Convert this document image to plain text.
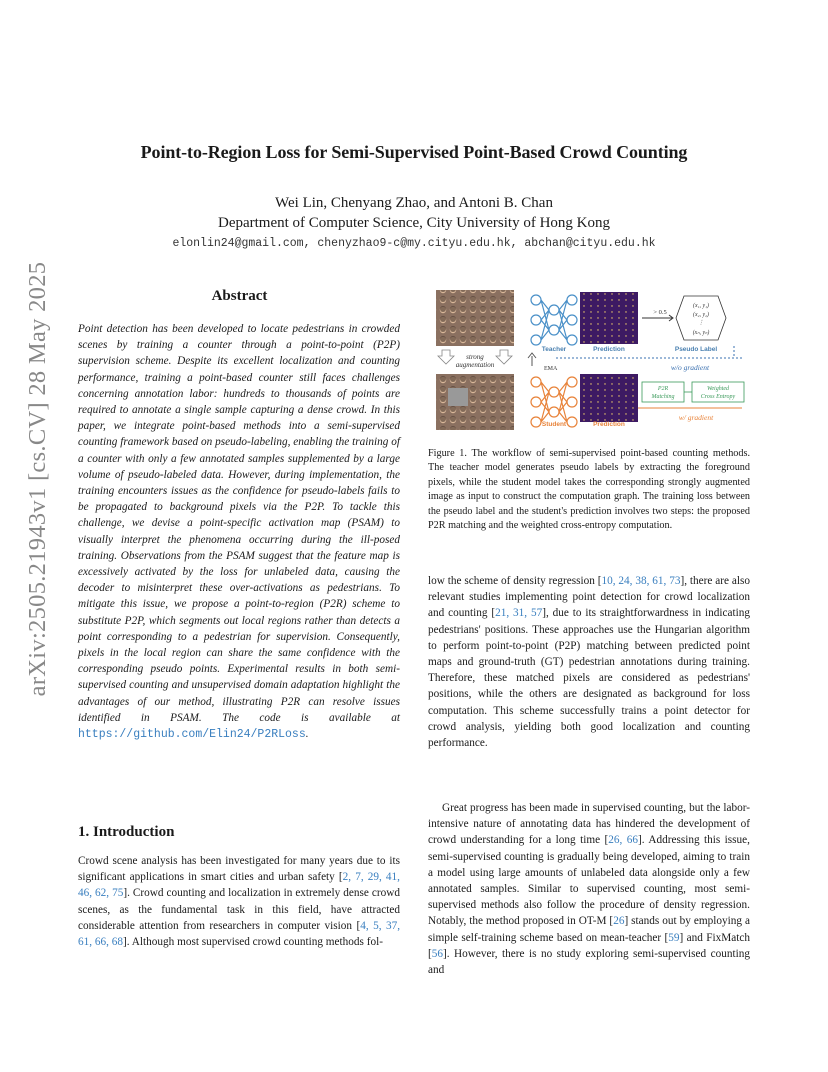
Point-to-Region Loss for Semi-Supervised Point-Based Crowd Counting
Wei Lin, Chenyang Zhao, and Antoni B. Chan
Department of Computer Science, City University of Hong Kong
elonlin24@gmail.com, chenyzhao9-c@my.cityu.edu.hk, abchan@cityu.edu.hk
arXiv:2505.21943v1 [cs.CV] 28 May 2025	Abstract
Point detection has been developed to locate pedestrians in crowded scenes by training a counter through a point-to-point (P2P) supervision scheme. Despite its excellent localization and counting performance, training a point-based counter still faces challenges concerning annotation labor: hundreds to thousands of points are required to annotate a single sample capturing a dense crowd. In this paper, we integrate point-based methods into a semi-supervised counting framework based on pseudo-labeling, enabling the training of a counter with only a few annotated samples supplemented by a large volume of pseudo-labeled data. However, during implementation, the training encounters issues as the confidence for pseudo-labels fails to be propagated to background pixels via the P2P. To tackle this challenge, we devise a point-specific activation map (PSAM) to visually interpret the phenomena occurring during the ill-posed training. Observations from the PSAM suggest that the feature map is excessively activated by the loss for unlabeled data, causing the decoder to misinterpret these over-activations as pedestrians. To mitigate this issue, we propose a point-to-region (P2R) scheme to substitute P2P, which segments out local regions rather than detects a point corresponding to a pedestrian for supervision. Consequently, pixels in the local region can share the same confidence with the corresponding pseudo points. Experimental results in both semi-supervised counting and unsupervised domain adaptation highlight the advantages of our method, illustrating P2R can resolve issues identified in PSAM. The code is available at https://github.com/Elin24/P2RLoss.
1. Introduction
Crowd scene analysis has been investigated for many years due to its significant applications in smart cities and urban safety [2, 7, 29, 41, 46, 62, 75]. Crowd counting and localization in extremely dense crowd scenes, as the fundamental task in this field, have attracted considerable attention from researchers in computer vision [4, 5, 37, 61, 66, 68]. Although most supervised crowd counting methods fol-
strong
augmentation
Teacher
Student
EMA
Prediction
Prediction
> 0.5
(x₁, y₁)
(x₂, y₂)
⋮
(xₙ, yₙ)
Pseudo Label
w/o gradient
P2R
Matching
Weighted
Cross Entropy
w/ gradient
Figure 1. The workflow of semi-supervised point-based counting methods. The teacher model generates pseudo labels by extracting the foreground pixels, while the student model takes the corresponding strongly augmented image as input to construct the computation graph. The training loss between the pseudo label and the student's prediction involves two steps: the proposed P2R matching and the weighted cross-entropy computation.
low the scheme of density regression [10, 24, 38, 61, 73], there are also relevant studies implementing point detection for crowd localization and counting [21, 31, 57], due to its straightforwardness in indicating pedestrians' positions. These approaches use the Hungarian algorithm to perform point-to-point (P2P) matching between predicted point maps and ground-truth (GT) pedestrian annotations during training. Therefore, these matched pixels are considered as pedestrians' positions, while the others are designated as background for loss computation. This scheme successfully trains a point detector for crowd analysis, yielding both good localization and counting performance.
Great progress has been made in supervised counting, but the labor-intensive nature of annotating data has hindered the development of crowd understanding for a long time [26, 66]. Addressing this issue, semi-supervised counting is gradually being developed, aiming to train a model using large amounts of unlabeled data alongside only a few annotated samples. Similar to supervised counting, most semi-supervised methods also follow the procedure of density regression. Notably, the method proposed in OT-M [26] stands out by employing a simple self-training scheme based on mean-teacher [59] and FixMatch [56]. However, there is no study exploring semi-supervised counting and
